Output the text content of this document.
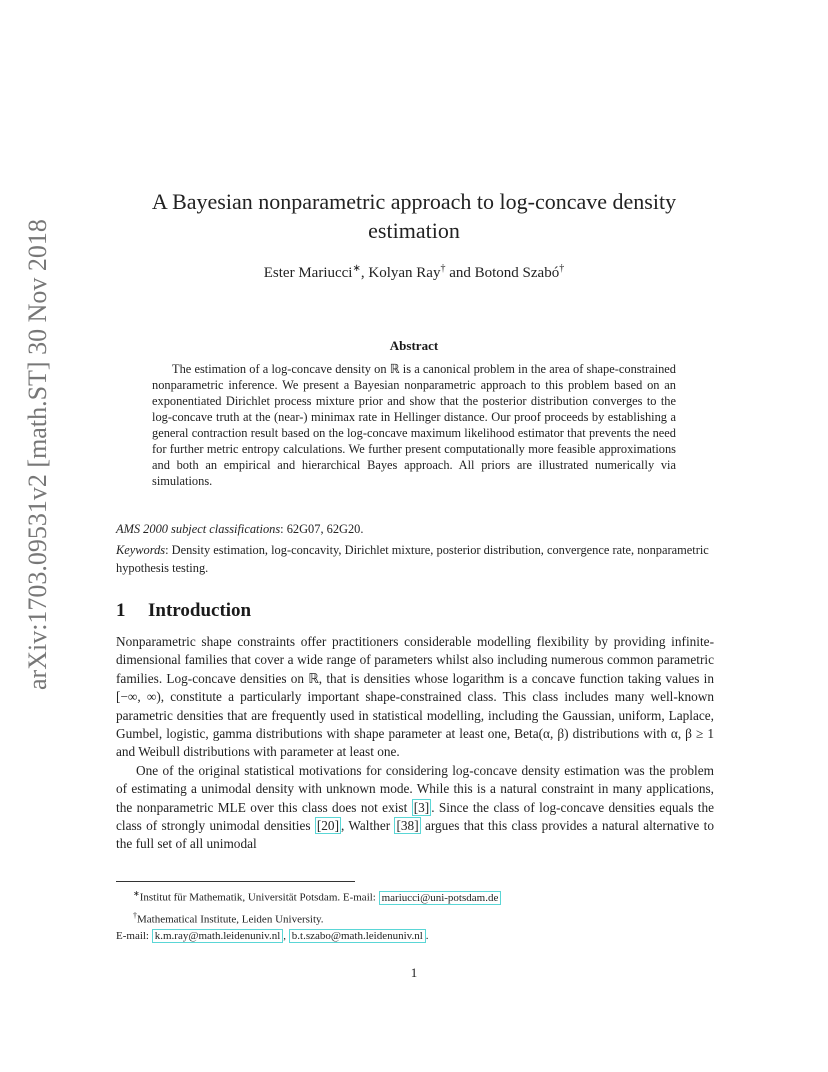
arXiv:1703.09531v2 [math.ST] 30 Nov 2018
A Bayesian nonparametric approach to log-concave density estimation
Ester Mariucci∗, Kolyan Ray† and Botond Szabó†
Abstract
The estimation of a log-concave density on ℝ is a canonical problem in the area of shape-constrained nonparametric inference. We present a Bayesian nonparametric approach to this problem based on an exponentiated Dirichlet process mixture prior and show that the posterior distribution converges to the log-concave truth at the (near-) minimax rate in Hellinger distance. Our proof proceeds by establishing a general contraction result based on the log-concave maximum likelihood estimator that prevents the need for further metric entropy calculations. We further present computationally more feasible approximations and both an empirical and hierarchical Bayes approach. All priors are illustrated numerically via simulations.
AMS 2000 subject classifications: 62G07, 62G20.
Keywords: Density estimation, log-concavity, Dirichlet mixture, posterior distribution, convergence rate, nonparametric hypothesis testing.
1 Introduction

Nonparametric shape constraints offer practitioners considerable modelling flexibility by providing infinite-dimensional families that cover a wide range of parameters whilst also including numerous common parametric families. Log-concave densities on ℝ, that is densities whose logarithm is a concave function taking values in [−∞, ∞), constitute a particularly important shape-constrained class. This class includes many well-known parametric densities that are frequently used in statistical modelling, including the Gaussian, uniform, Laplace, Gumbel, logistic, gamma distributions with shape parameter at least one, Beta(α, β) distributions with α, β ≥ 1 and Weibull distributions with parameter at least one.

One of the original statistical motivations for considering log-concave density estimation was the problem of estimating a unimodal density with unknown mode. While this is a natural constraint in many applications, the nonparametric MLE over this class does not exist [3] . Since the class of log-concave densities equals the class of strongly unimodal densities [20] , Walther [38] argues that this class provides a natural alternative to the full set of all unimodal

∗Institut für Mathematik, Universität Potsdam. E-mail: mariucci@uni-potsdam.de
†Mathematical Institute, Leiden University.
E-mail: k.m.ray@math.leidenuniv.nl , b.t.szabo@math.leidenuniv.nl .
1
